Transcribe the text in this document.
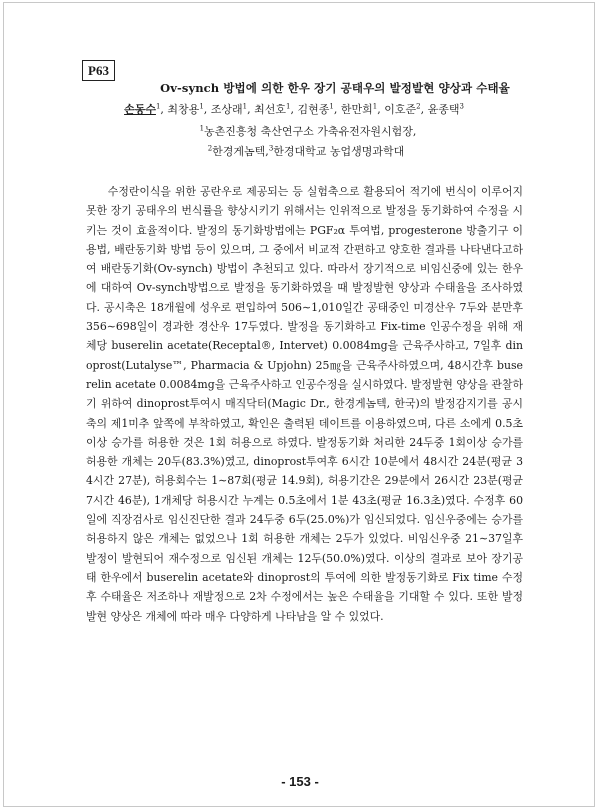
P63
Ov-synch 방법에 의한 한우 장기 공태우의 발정발현 양상과 수태율
손동수$^1$, 최창용$^1$, 조상래$^1$, 최선호$^1$, 김현종$^1$, 한만희$^1$, 이호준$^2$, 윤종택$^3$
$^1$농촌진흥청 축산연구소 가축유전자원시험장,
$^2$한경게놈텍,$^3$한경대학교 농업생명과학대

수정란이식을 위한 공란우로 제공되는 등 실험축으로 활용되어 적기에 번식이 이루어지 못한 장기 공태우의 번식률을 향상시키기 위해서는 인위적으로 발정을 동기화하여 수정을 시키는 것이 효율적이다. 발정의 동기화방법에는 PGF₂α 투여법, progesterone 방출기구 이용법, 배란동기화 방법 등이 있으며, 그 중에서 비교적 간편하고 양호한 결과를 나타낸다고하여 배란동기화(Ov-synch) 방법이 추천되고 있다. 따라서 장기적으로 비임신중에 있는 한우에 대하여 Ov-synch방법으로 발정을 동기화하였을 때 발정발현 양상과 수태율을 조사하였다. 공시축은 18개월에 성우로 편입하여 506∼1,010일간 공태중인 미경산우 7두와 분만후 356∼698일이 경과한 경산우 17두였다. 발정을 동기화하고 Fix-time 인공수정을 위해 재체당 buserelin acetate(Receptal®, Intervet) 0.0084mg을 근육주사하고, 7일후 dinoprost(Lutalyse™, Pharmacia & Upjohn) 25㎎을 근육주사하였으며, 48시간후 buserelin acetate 0.0084mg을 근육주사하고 인공수정을 실시하였다. 발정발현 양상을 관찰하기 위하여 dinoprost투여시 매직닥터(Magic Dr., 한경게놈텍, 한국)의 발정감지기를 공시축의 제1미추 앞쪽에 부착하였고, 확인은 출력된 데이트를 이용하였으며, 다른 소에게 0.5초 이상 승가를 허용한 것은 1회 허용으로 하였다. 발정동기화 처리한 24두중 1회이상 승가를 허용한 개체는 20두(83.3%)였고, dinoprost투여후 6시간 10분에서 48시간 24분(평균 34시간 27분), 허용회수는 1∼87회(평균 14.9회), 허용기간은 29분에서 26시간 23분(평균 7시간 46분), 1개체당 허용시간 누계는 0.5초에서 1분 43초(평균 16.3초)였다. 수정후 60일에 직장검사로 임신진단한 결과 24두중 6두(25.0%)가 임신되었다. 임신우중에는 승가를 허용하지 않은 개체는 없었으나 1회 허용한 개체는 2두가 있었다. 비임신우중 21∼37일후 발정이 발현되어 재수정으로 임신된 개체는 12두(50.0%)였다. 이상의 결과로 보아 장기공태 한우에서 buserelin acetate와 dinoprost의 투여에 의한 발정동기화로 Fix time 수정후 수태율은 저조하나 재발정으로 2차 수정에서는 높은 수태율을 기대할 수 있다. 또한 발정발현 양상은 개체에 따라 매우 다양하게 나타남을 알 수 있었다.

- 153 -
